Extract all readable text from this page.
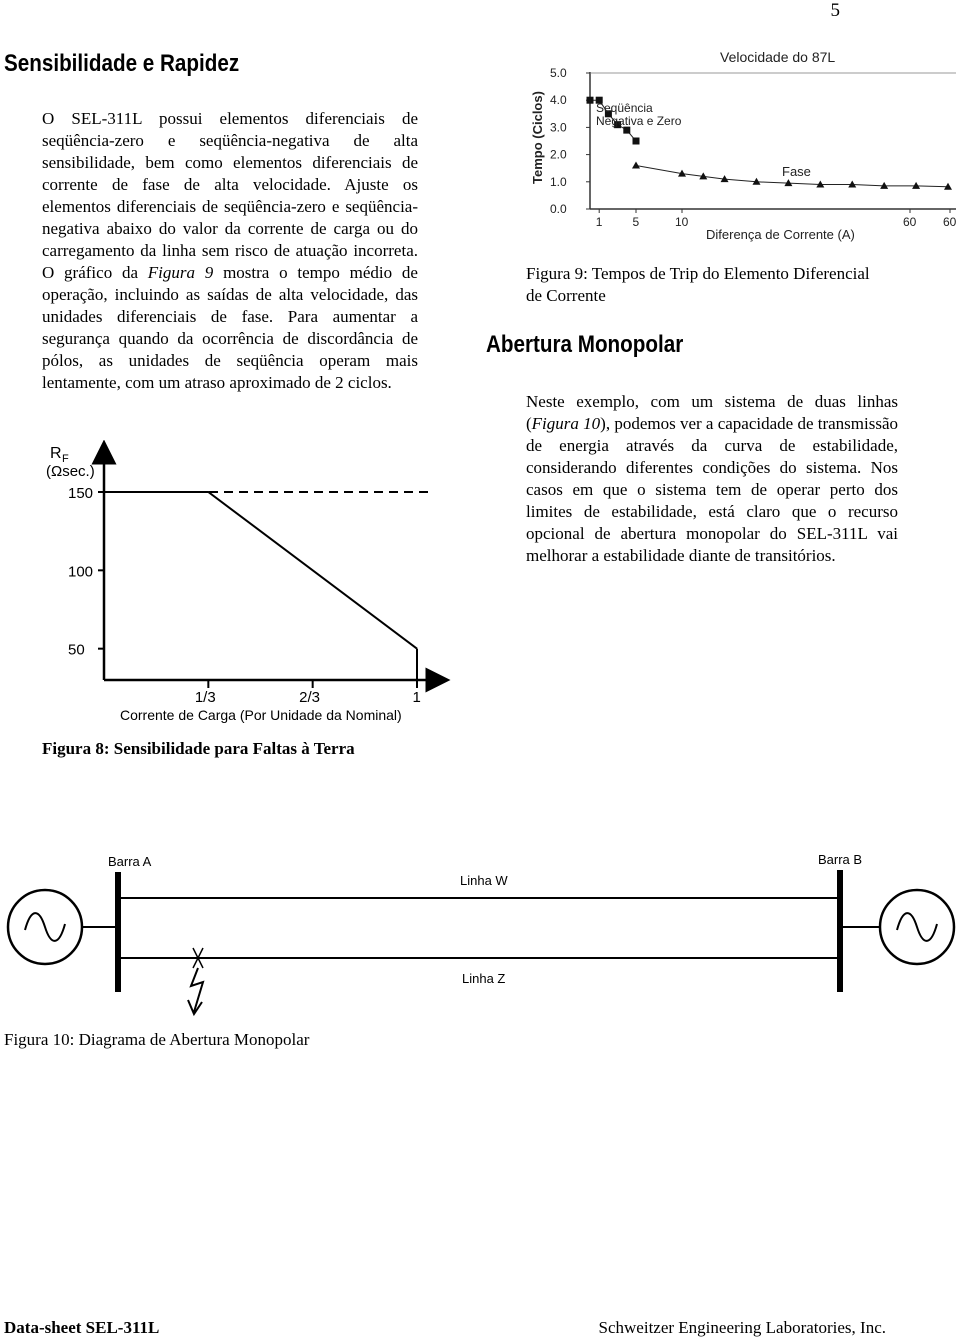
5
Sensibilidade e Rapidez
O SEL-311L possui elementos diferenciais de seqüência-zero e seqüência-negativa de alta sensibilidade, bem como elementos diferenciais de corrente de fase de alta velocidade. Ajuste os elementos diferenciais de seqüência-zero e seqüência-negativa abaixo do valor da corrente de carga ou do carregamento da linha sem risco de atuação incorreta. O gráfico da Figura 9 mostra o tempo médio de operação, incluindo as saídas de alta velocidade, das unidades diferenciais de fase. Para aumentar a segurança quando da ocorrência de discordância de pólos, as unidades de seqüência operam mais lentamente, com um atraso aproximado de 2 ciclos.
R F
(Ωsec.)
150
100
50
1/3	2/3	1
Corrente de Carga (Por Unidade da Nominal)
Figura 8: Sensibilidade para Faltas à Terra
Velocidade do 87L
Tempo (Ciclos)
5.0
4.0
3.0
2.0
1.0
0.0
1	5	10	60 60
Seqüência
Negativa e Zero
Fase
Diferença de Corrente (A)
Figura 9: Tempos de Trip do Elemento Diferencial de Corrente
Abertura Monopolar
Neste exemplo, com um sistema de duas linhas (Figura 10), podemos ver a capacidade de transmissão de energia através da curva de estabilidade, considerando diferentes condições do sistema. Nos casos em que o sistema tem de operar perto dos limites de estabilidade, está claro que o recurso opcional de abertura monopolar do SEL-311L vai melhorar a estabilidade diante de transitórios.
Barra A	Barra B
Linha W
Linha Z
Figura 10: Diagrama de Abertura Monopolar
Data-sheet SEL-311L	Schweitzer Engineering Laboratories, Inc.
